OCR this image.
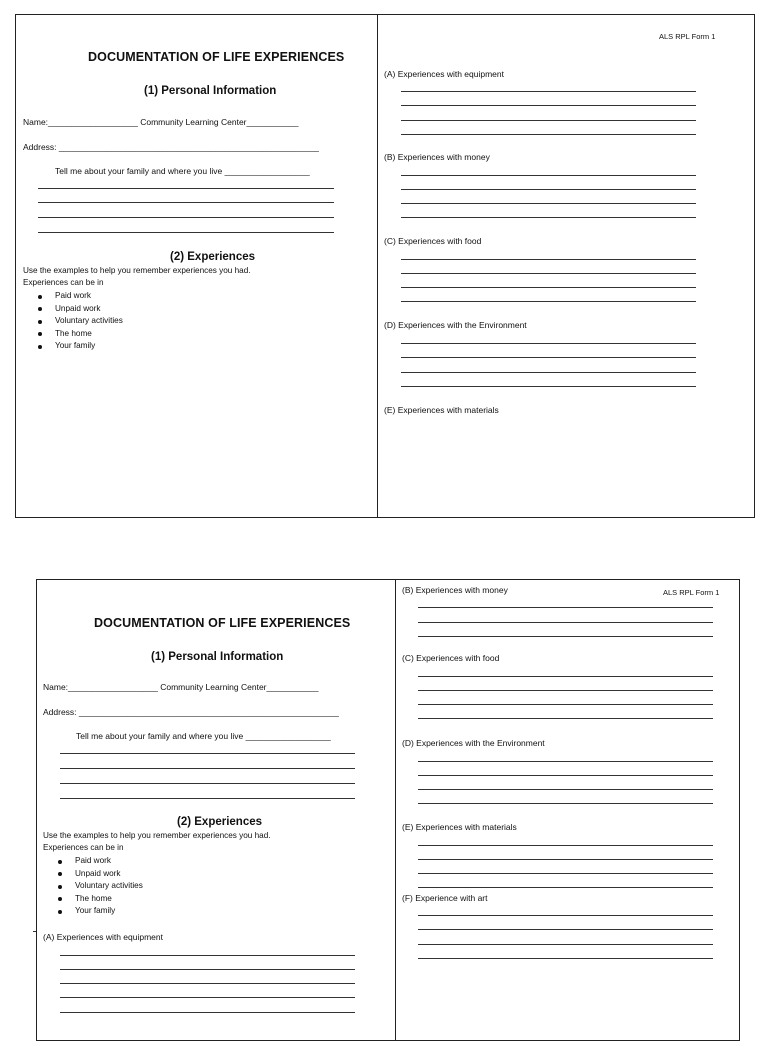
DOCUMENTATION OF LIFE EXPERIENCES
(1) Personal Information
Name:___________________ Community Learning Center___________
Address: _______________________________________________________
Tell me about your family and where you live __________________
(2) Experiences
Use the examples to help you remember experiences you had.
Experiences can be in
Paid work
Unpaid work
Voluntary activities
The home
Your family
ALS RPL Form 1
(A) Experiences with equipment
(B) Experiences with money
(C) Experiences with food
(D) Experiences with the Environment
(E) Experiences with materials
DOCUMENTATION OF LIFE EXPERIENCES
(1) Personal Information
Name:___________________ Community Learning Center___________
Address: _______________________________________________________
Tell me about your family and where you live __________________
(2) Experiences
Use the examples to help you remember experiences you had.
Experiences can be in
Paid work
Unpaid work
Voluntary activities
The home
Your family
(A) Experiences with equipment
(B) Experiences with money	ALS RPL Form 1
(C) Experiences with food
(D) Experiences with the Environment
(E) Experiences with materials
(F) Experience with art
